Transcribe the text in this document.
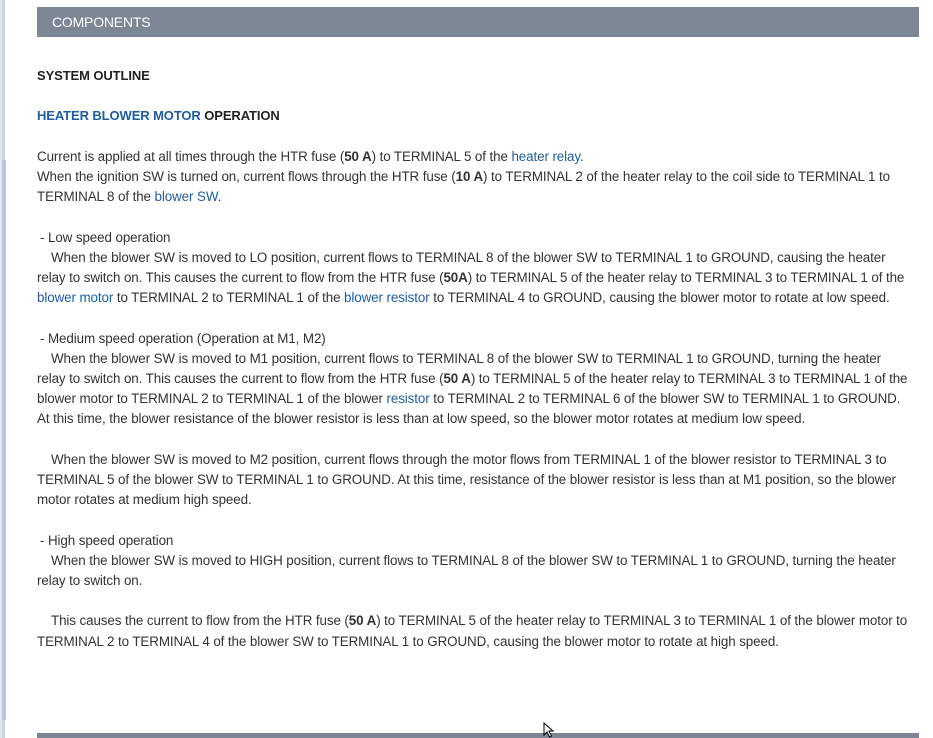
COMPONENTS

SYSTEM OUTLINE

HEATER BLOWER MOTOR OPERATION

Current is applied at all times through the HTR fuse (50 A) to TERMINAL 5 of the heater relay.

When the ignition SW is turned on, current flows through the HTR fuse (10 A) to TERMINAL 2 of the heater relay to the coil side to TERMINAL 1 to TERMINAL 8 of the blower SW.

- Low speed operation

When the blower SW is moved to LO position, current flows to TERMINAL 8 of the blower SW to TERMINAL 1 to GROUND, causing the heater relay to switch on. This causes the current to flow from the HTR fuse (50A) to TERMINAL 5 of the heater relay to TERMINAL 3 to TERMINAL 1 of the blower motor to TERMINAL 2 to TERMINAL 1 of the blower resistor to TERMINAL 4 to GROUND, causing the blower motor to rotate at low speed.

- Medium speed operation (Operation at M1, M2)

When the blower SW is moved to M1 position, current flows to TERMINAL 8 of the blower SW to TERMINAL 1 to GROUND, turning the heater relay to switch on. This causes the current to flow from the HTR fuse (50 A) to TERMINAL 5 of the heater relay to TERMINAL 3 to TERMINAL 1 of the blower motor to TERMINAL 2 to TERMINAL 1 of the blower resistor to TERMINAL 2 to TERMINAL 6 of the blower SW to TERMINAL 1 to GROUND. At this time, the blower resistance of the blower resistor is less than at low speed, so the blower motor rotates at medium low speed.

When the blower SW is moved to M2 position, current flows through the motor flows from TERMINAL 1 of the blower resistor to TERMINAL 3 to TERMINAL 5 of the blower SW to TERMINAL 1 to GROUND. At this time, resistance of the blower resistor is less than at M1 position, so the blower motor rotates at medium high speed.

- High speed operation

When the blower SW is moved to HIGH position, current flows to TERMINAL 8 of the blower SW to TERMINAL 1 to GROUND, turning the heater relay to switch on.

This causes the current to flow from the HTR fuse (50 A) to TERMINAL 5 of the heater relay to TERMINAL 3 to TERMINAL 1 of the blower motor to TERMINAL 2 to TERMINAL 4 of the blower SW to TERMINAL 1 to GROUND, causing the blower motor to rotate at high speed.
